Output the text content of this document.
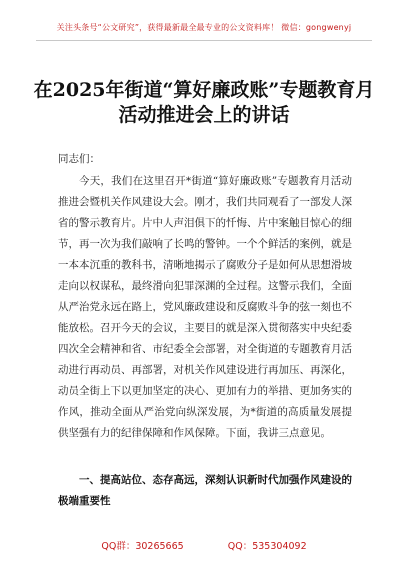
关注头条号“公文研究”，获得最新最全最专业的公文资料库！ 微信：gongwenyj
在2025年街道“算好廉政账”专题教育月活动推进会上的讲话
同志们：

今天，我们在这里召开*街道“算好廉政账”专题教育月活动推进会暨机关作风建设大会。刚才，我们共同观看了一部发人深省的警示教育片。片中人声泪俱下的忏悔、片中案触目惊心的细节，再一次为我们敲响了长鸣的警钟。一个个鲜活的案例，就是一本本沉重的教科书，清晰地揭示了腐败分子是如何从思想滑坡走向以权谋私，最终滑向犯罪深渊的全过程。这警示我们，全面从严治党永远在路上，党风廉政建设和反腐败斗争的弦一刻也不能放松。召开今天的会议，主要目的就是深入贯彻落实中央纪委四次全会精神和省、市纪委全会部署，对全街道的专题教育月活动进行再动员、再部署，对机关作风建设进行再加压、再深化，动员全街上下以更加坚定的决心、更加有力的举措、更加务实的作风，推动全面从严治党向纵深发展，为*街道的高质量发展提供坚强有力的纪律保障和作风保障。下面，我讲三点意见。

一、提高站位、态存高远，深刻认识新时代加强作风建设的极端重要性

QQ群：30265665	QQ：535304092
